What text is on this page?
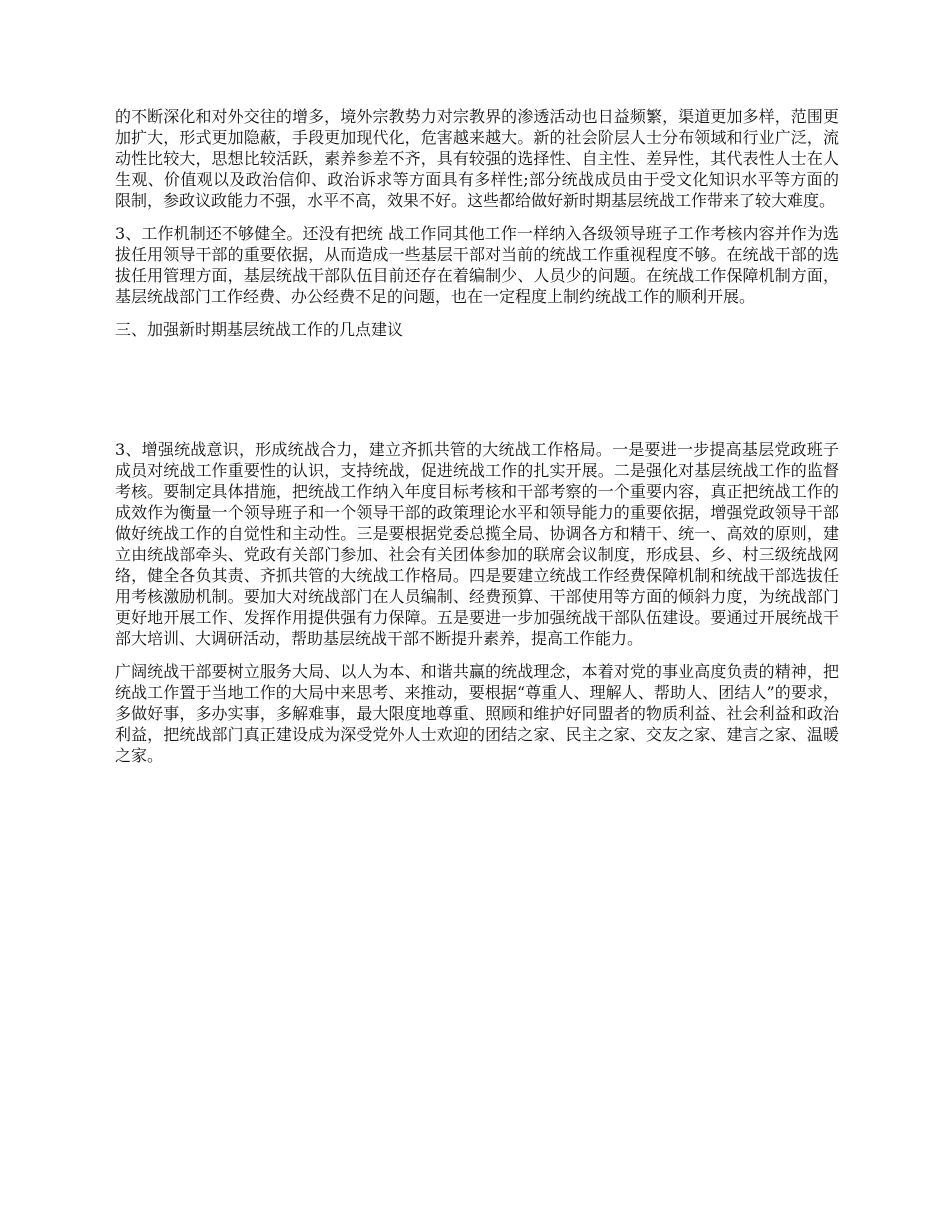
的不断深化和对外交往的增多，境外宗教势力对宗教界的渗透活动也日益频繁，渠道更加多样，范围更加扩大，形式更加隐蔽，手段更加现代化，危害越来越大。新的社会阶层人士分布领域和行业广泛，流动性比较大，思想比较活跃，素养参差不齐，具有较强的选择性、自主性、差异性，其代表性人士在人生观、价值观以及政治信仰、政治诉求等方面具有多样性;部分统战成员由于受文化知识水平等方面的限制，参政议政能力不强，水平不高，效果不好。这些都给做好新时期基层统战工作带来了较大难度。

3、工作机制还不够健全。还没有把统 战工作同其他工作一样纳入各级领导班子工作考核内容并作为选拔任用领导干部的重要依据，从而造成一些基层干部对当前的统战工作重视程度不够。在统战干部的选拔任用管理方面，基层统战干部队伍目前还存在着编制少、人员少的问题。在统战工作保障机制方面，基层统战部门工作经费、办公经费不足的问题，也在一定程度上制约统战工作的顺利开展。

三、加强新时期基层统战工作的几点建议

3、增强统战意识，形成统战合力，建立齐抓共管的大统战工作格局。一是要进一步提高基层党政班子成员对统战工作重要性的认识，支持统战，促进统战工作的扎实开展。二是强化对基层统战工作的监督考核。要制定具体措施，把统战工作纳入年度目标考核和干部考察的一个重要内容，真正把统战工作的成效作为衡量一个领导班子和一个领导干部的政策理论水平和领导能力的重要依据，增强党政领导干部做好统战工作的自觉性和主动性。三是要根据党委总揽全局、协调各方和精干、统一、高效的原则，建立由统战部牵头、党政有关部门参加、社会有关团体参加的联席会议制度，形成县、乡、村三级统战网络，健全各负其责、齐抓共管的大统战工作格局。四是要建立统战工作经费保障机制和统战干部选拔任用考核激励机制。要加大对统战部门在人员编制、经费预算、干部使用等方面的倾斜力度，为统战部门更好地开展工作、发挥作用提供强有力保障。五是要进一步加强统战干部队伍建设。要通过开展统战干部大培训、大调研活动，帮助基层统战干部不断提升素养，提高工作能力。

广阔统战干部要树立服务大局、以人为本、和谐共赢的统战理念，本着对党的事业高度负责的精神，把统战工作置于当地工作的大局中来思考、来推动，要根据“尊重人、理解人、帮助人、团结人”的要求，多做好事，多办实事，多解难事，最大限度地尊重、照顾和维护好同盟者的物质利益、社会利益和政治利益，把统战部门真正建设成为深受党外人士欢迎的团结之家、民主之家、交友之家、建言之家、温暖之家。
